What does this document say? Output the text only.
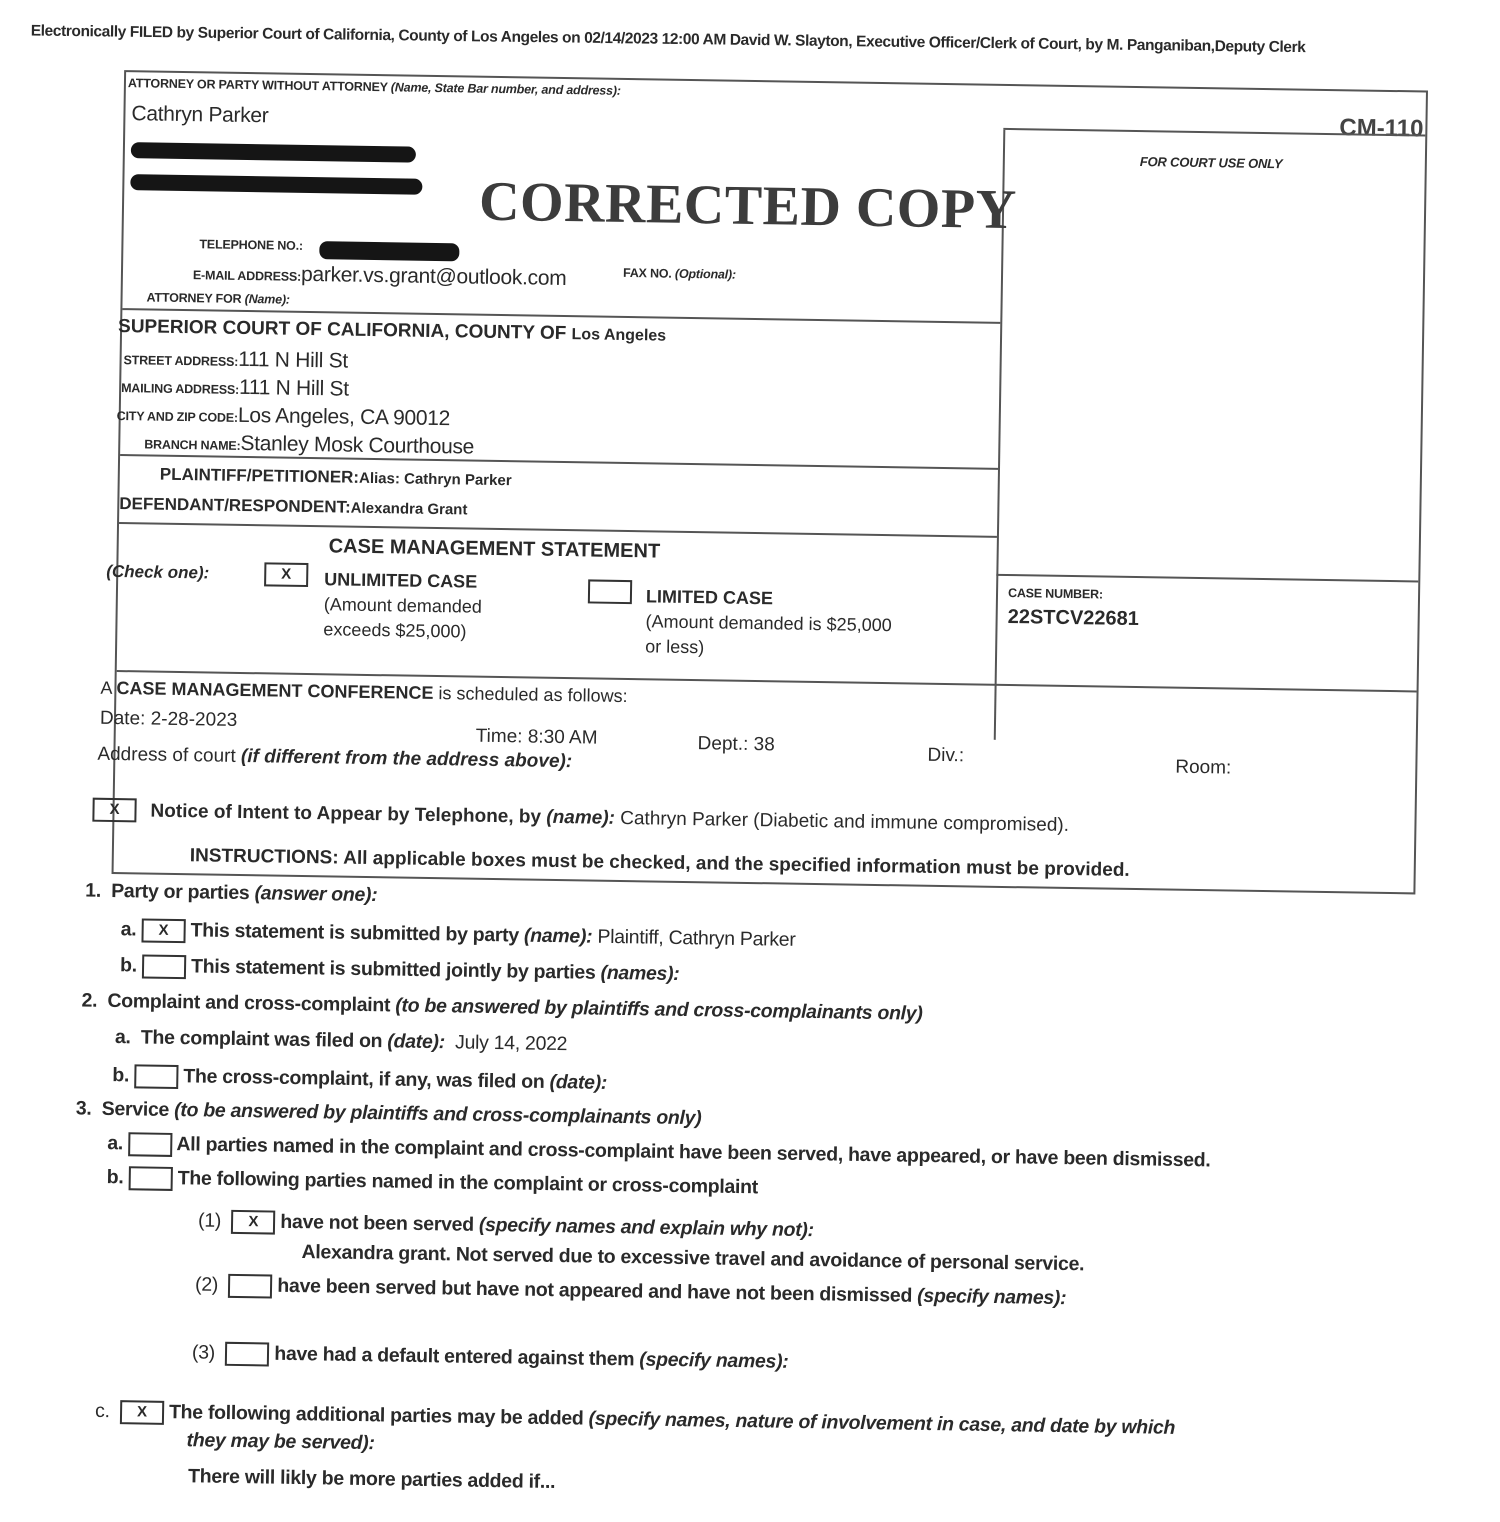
Electronically FILED by Superior Court of California, County of Los Angeles on 02/14/2023 12:00 AM David W. Slayton, Executive Officer/Clerk of Court, by M. Panganiban,Deputy Clerk
CM-110
FOR COURT USE ONLY
ATTORNEY OR PARTY WITHOUT ATTORNEY (Name, State Bar number, and address):
Cathryn Parker
CORRECTED COPY
TELEPHONE NO.:
FAX NO. (Optional):
E-MAIL ADDRESS:parker.vs.grant@outlook.com
ATTORNEY FOR (Name):
SUPERIOR COURT OF CALIFORNIA, COUNTY OF Los Angeles
STREET ADDRESS:111 N Hill St
MAILING ADDRESS:111 N Hill St
CITY AND ZIP CODE:Los Angeles, CA 90012
BRANCH NAME:Stanley Mosk Courthouse
PLAINTIFF/PETITIONER:Alias: Cathryn Parker
DEFENDANT/RESPONDENT:Alexandra Grant
CASE MANAGEMENT STATEMENT
(Check one):	X	UNLIMITED CASE
(Amount demanded
exceeds $25,000)
LIMITED CASE
(Amount demanded is $25,000
or less)
CASE NUMBER:
22STCV22681
A CASE MANAGEMENT CONFERENCE is scheduled as follows:
Date: 2-28-2023
Time: 8:30 AM	Dept.: 38
Div.:
Room:
Address of court (if different from the address above):
X	Notice of Intent to Appear by Telephone, by (name): Cathryn Parker (Diabetic and immune compromised).
INSTRUCTIONS: All applicable boxes must be checked, and the specified information must be provided.
1. Party or parties (answer one):
a. X This statement is submitted by party (name): Plaintiff, Cathryn Parker
b.	This statement is submitted jointly by parties (names):
2. Complaint and cross-complaint (to be answered by plaintiffs and cross-complainants only)
a. The complaint was filed on (date): July 14, 2022
b.	The cross-complaint, if any, was filed on (date):
3. Service (to be answered by plaintiffs and cross-complainants only)
a.	All parties named in the complaint and cross-complaint have been served, have appeared, or have been dismissed.
b.	The following parties named in the complaint or cross-complaint
(1) X have not been served (specify names and explain why not):
Alexandra grant. Not served due to excessive travel and avoidance of personal service.
(2)	have been served but have not appeared and have not been dismissed (specify names):
(3)	have had a default entered against them (specify names):
c. X The following additional parties may be added (specify names, nature of involvement in case, and date by which
they may be served):
There will likly be more parties added if...
